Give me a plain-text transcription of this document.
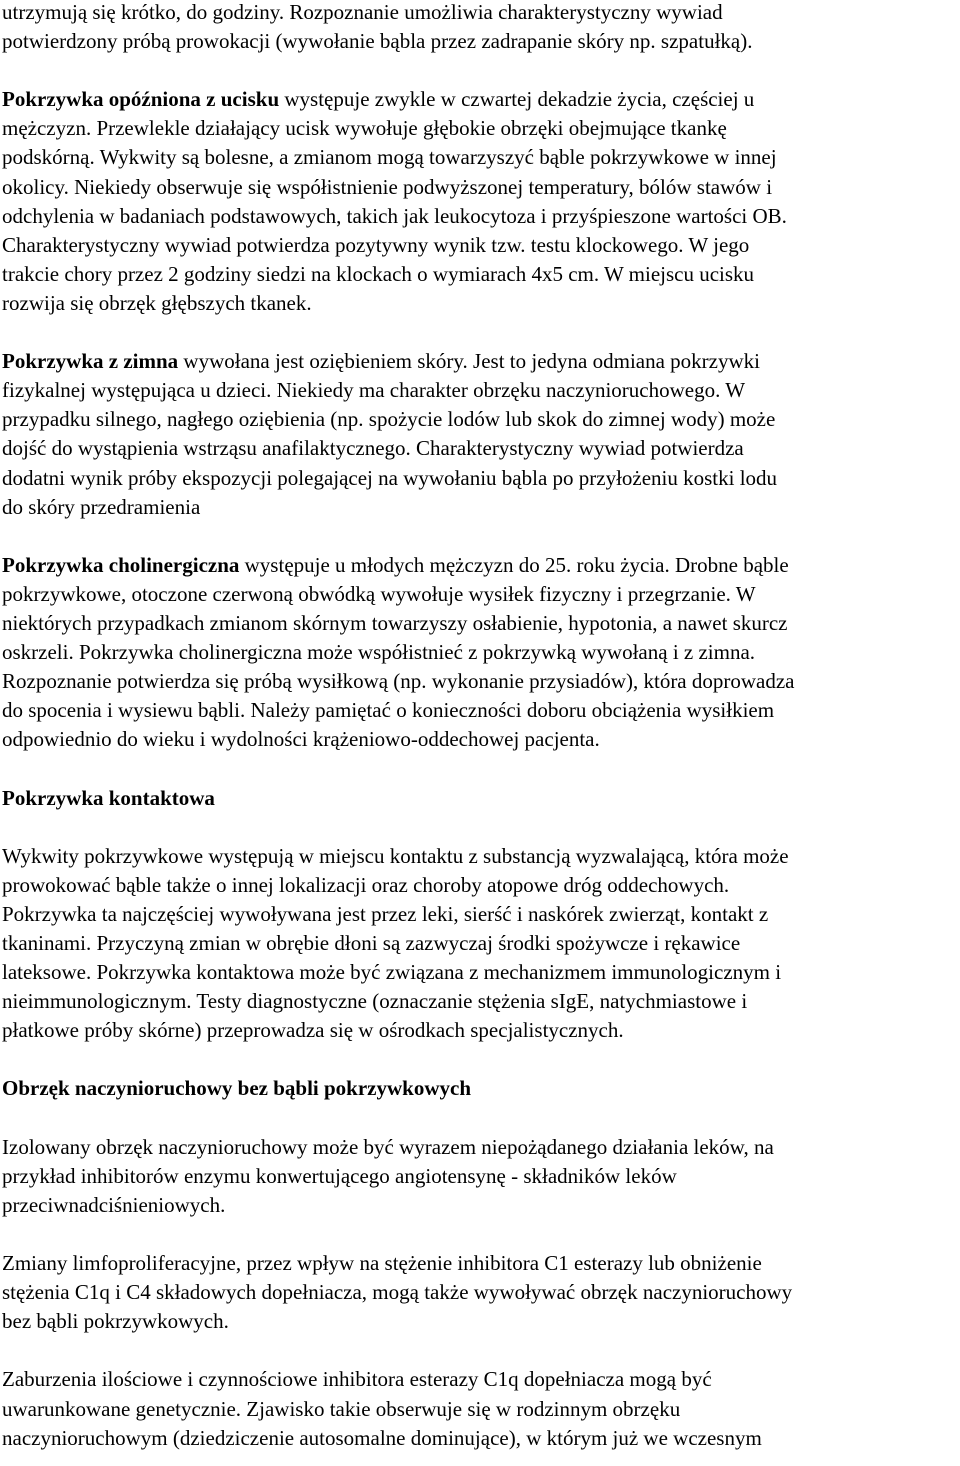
utrzymują się krótko, do godziny. Rozpoznanie umożliwia charakterystyczny wywiad
potwierdzony próbą prowokacji (wywołanie bąbla przez zadrapanie skóry np. szpatułką).

Pokrzywka opóźniona z ucisku występuje zwykle w czwartej dekadzie życia, częściej u
mężczyzn. Przewlekle działający ucisk wywołuje głębokie obrzęki obejmujące tkankę
podskórną. Wykwity są bolesne, a zmianom mogą towarzyszyć bąble pokrzywkowe w innej
okolicy. Niekiedy obserwuje się współistnienie podwyższonej temperatury, bólów stawów i
odchylenia w badaniach podstawowych, takich jak leukocytoza i przyśpieszone wartości OB.
Charakterystyczny wywiad potwierdza pozytywny wynik tzw. testu klockowego. W jego
trakcie chory przez 2 godziny siedzi na klockach o wymiarach 4x5 cm. W miejscu ucisku
rozwija się obrzęk głębszych tkanek.

Pokrzywka z zimna wywołana jest oziębieniem skóry. Jest to jedyna odmiana pokrzywki
fizykalnej występująca u dzieci. Niekiedy ma charakter obrzęku naczynioruchowego. W
przypadku silnego, nagłego oziębienia (np. spożycie lodów lub skok do zimnej wody) może
dojść do wystąpienia wstrząsu anafilaktycznego. Charakterystyczny wywiad potwierdza
dodatni wynik próby ekspozycji polegającej na wywołaniu bąbla po przyłożeniu kostki lodu
do skóry przedramienia

Pokrzywka cholinergiczna występuje u młodych mężczyzn do 25. roku życia. Drobne bąble
pokrzywkowe, otoczone czerwoną obwódką wywołuje wysiłek fizyczny i przegrzanie. W
niektórych przypadkach zmianom skórnym towarzyszy osłabienie, hypotonia, a nawet skurcz
oskrzeli. Pokrzywka cholinergiczna może współistnieć z pokrzywką wywołaną i z zimna.
Rozpoznanie potwierdza się próbą wysiłkową (np. wykonanie przysiadów), która doprowadza
do spocenia i wysiewu bąbli. Należy pamiętać o konieczności doboru obciążenia wysiłkiem
odpowiednio do wieku i wydolności krążeniowo-oddechowej pacjenta.

Pokrzywka kontaktowa

Wykwity pokrzywkowe występują w miejscu kontaktu z substancją wyzwalającą, która może
prowokować bąble także o innej lokalizacji oraz choroby atopowe dróg oddechowych.
Pokrzywka ta najczęściej wywoływana jest przez leki, sierść i naskórek zwierząt, kontakt z
tkaninami. Przyczyną zmian w obrębie dłoni są zazwyczaj środki spożywcze i rękawice
lateksowe. Pokrzywka kontaktowa może być związana z mechanizmem immunologicznym i
nieimmunologicznym. Testy diagnostyczne (oznaczanie stężenia sIgE, natychmiastowe i
płatkowe próby skórne) przeprowadza się w ośrodkach specjalistycznych.

Obrzęk naczynioruchowy bez bąbli pokrzywkowych

Izolowany obrzęk naczynioruchowy może być wyrazem niepożądanego działania leków, na
przykład inhibitorów enzymu konwertującego angiotensynę - składników leków
przeciwnadciśnieniowych.

Zmiany limfoproliferacyjne, przez wpływ na stężenie inhibitora C1 esterazy lub obniżenie
stężenia C1q i C4 składowych dopełniacza, mogą także wywoływać obrzęk naczynioruchowy
bez bąbli pokrzywkowych.

Zaburzenia ilościowe i czynnościowe inhibitora esterazy C1q dopełniacza mogą być
uwarunkowane genetycznie. Zjawisko takie obserwuje się w rodzinnym obrzęku
naczynioruchowym (dziedziczenie autosomalne dominujące), w którym już we wczesnym
